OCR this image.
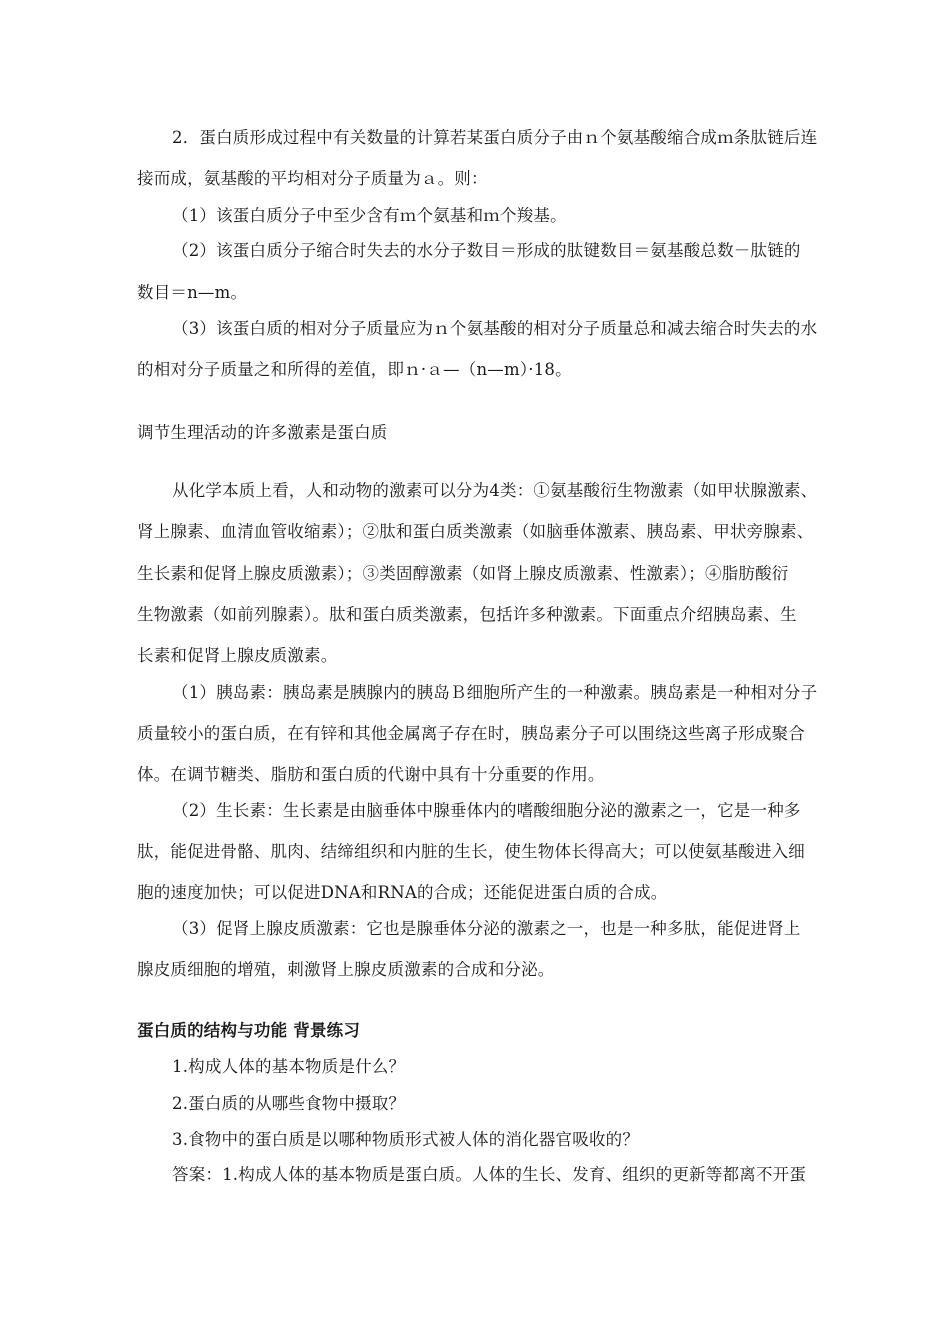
2．蛋白质形成过程中有关数量的计算若某蛋白质分子由ｎ个氨基酸缩合成ｍ条肽链后连
接而成，氨基酸的平均相对分子质量为ａ。则：
（1）该蛋白质分子中至少含有ｍ个氨基和ｍ个羧基。
（2）该蛋白质分子缩合时失去的水分子数目＝形成的肽键数目＝氨基酸总数－肽链的
数目＝n—m。
（3）该蛋白质的相对分子质量应为ｎ个氨基酸的相对分子质量总和减去缩合时失去的水
的相对分子质量之和所得的差值，即ｎ·ａ—（n—m）·18。
调节生理活动的许多激素是蛋白质
从化学本质上看，人和动物的激素可以分为4类：①氨基酸衍生物激素（如甲状腺激素、
肾上腺素、血清血管收缩素）；②肽和蛋白质类激素（如脑垂体激素、胰岛素、甲状旁腺素、
生长素和促肾上腺皮质激素）；③类固醇激素（如肾上腺皮质激素、性激素）；④脂肪酸衍
生物激素（如前列腺素）。肽和蛋白质类激素，包括许多种激素。下面重点介绍胰岛素、生
长素和促肾上腺皮质激素。
（1）胰岛素：胰岛素是胰腺内的胰岛Ｂ细胞所产生的一种激素。胰岛素是一种相对分子
质量较小的蛋白质，在有锌和其他金属离子存在时，胰岛素分子可以围绕这些离子形成聚合
体。在调节糖类、脂肪和蛋白质的代谢中具有十分重要的作用。
（2）生长素：生长素是由脑垂体中腺垂体内的嗜酸细胞分泌的激素之一，它是一种多
肽，能促进骨骼、肌肉、结缔组织和内脏的生长，使生物体长得高大；可以使氨基酸进入细
胞的速度加快；可以促进DNA和RNA的合成；还能促进蛋白质的合成。
（3）促肾上腺皮质激素：它也是腺垂体分泌的激素之一，也是一种多肽，能促进肾上
腺皮质细胞的增殖，刺激肾上腺皮质激素的合成和分泌。
蛋白质的结构与功能 背景练习
1.构成人体的基本物质是什么？
2.蛋白质的从哪些食物中摄取？
3.食物中的蛋白质是以哪种物质形式被人体的消化器官吸收的？
答案：1.构成人体的基本物质是蛋白质。人体的生长、发育、组织的更新等都离不开蛋
